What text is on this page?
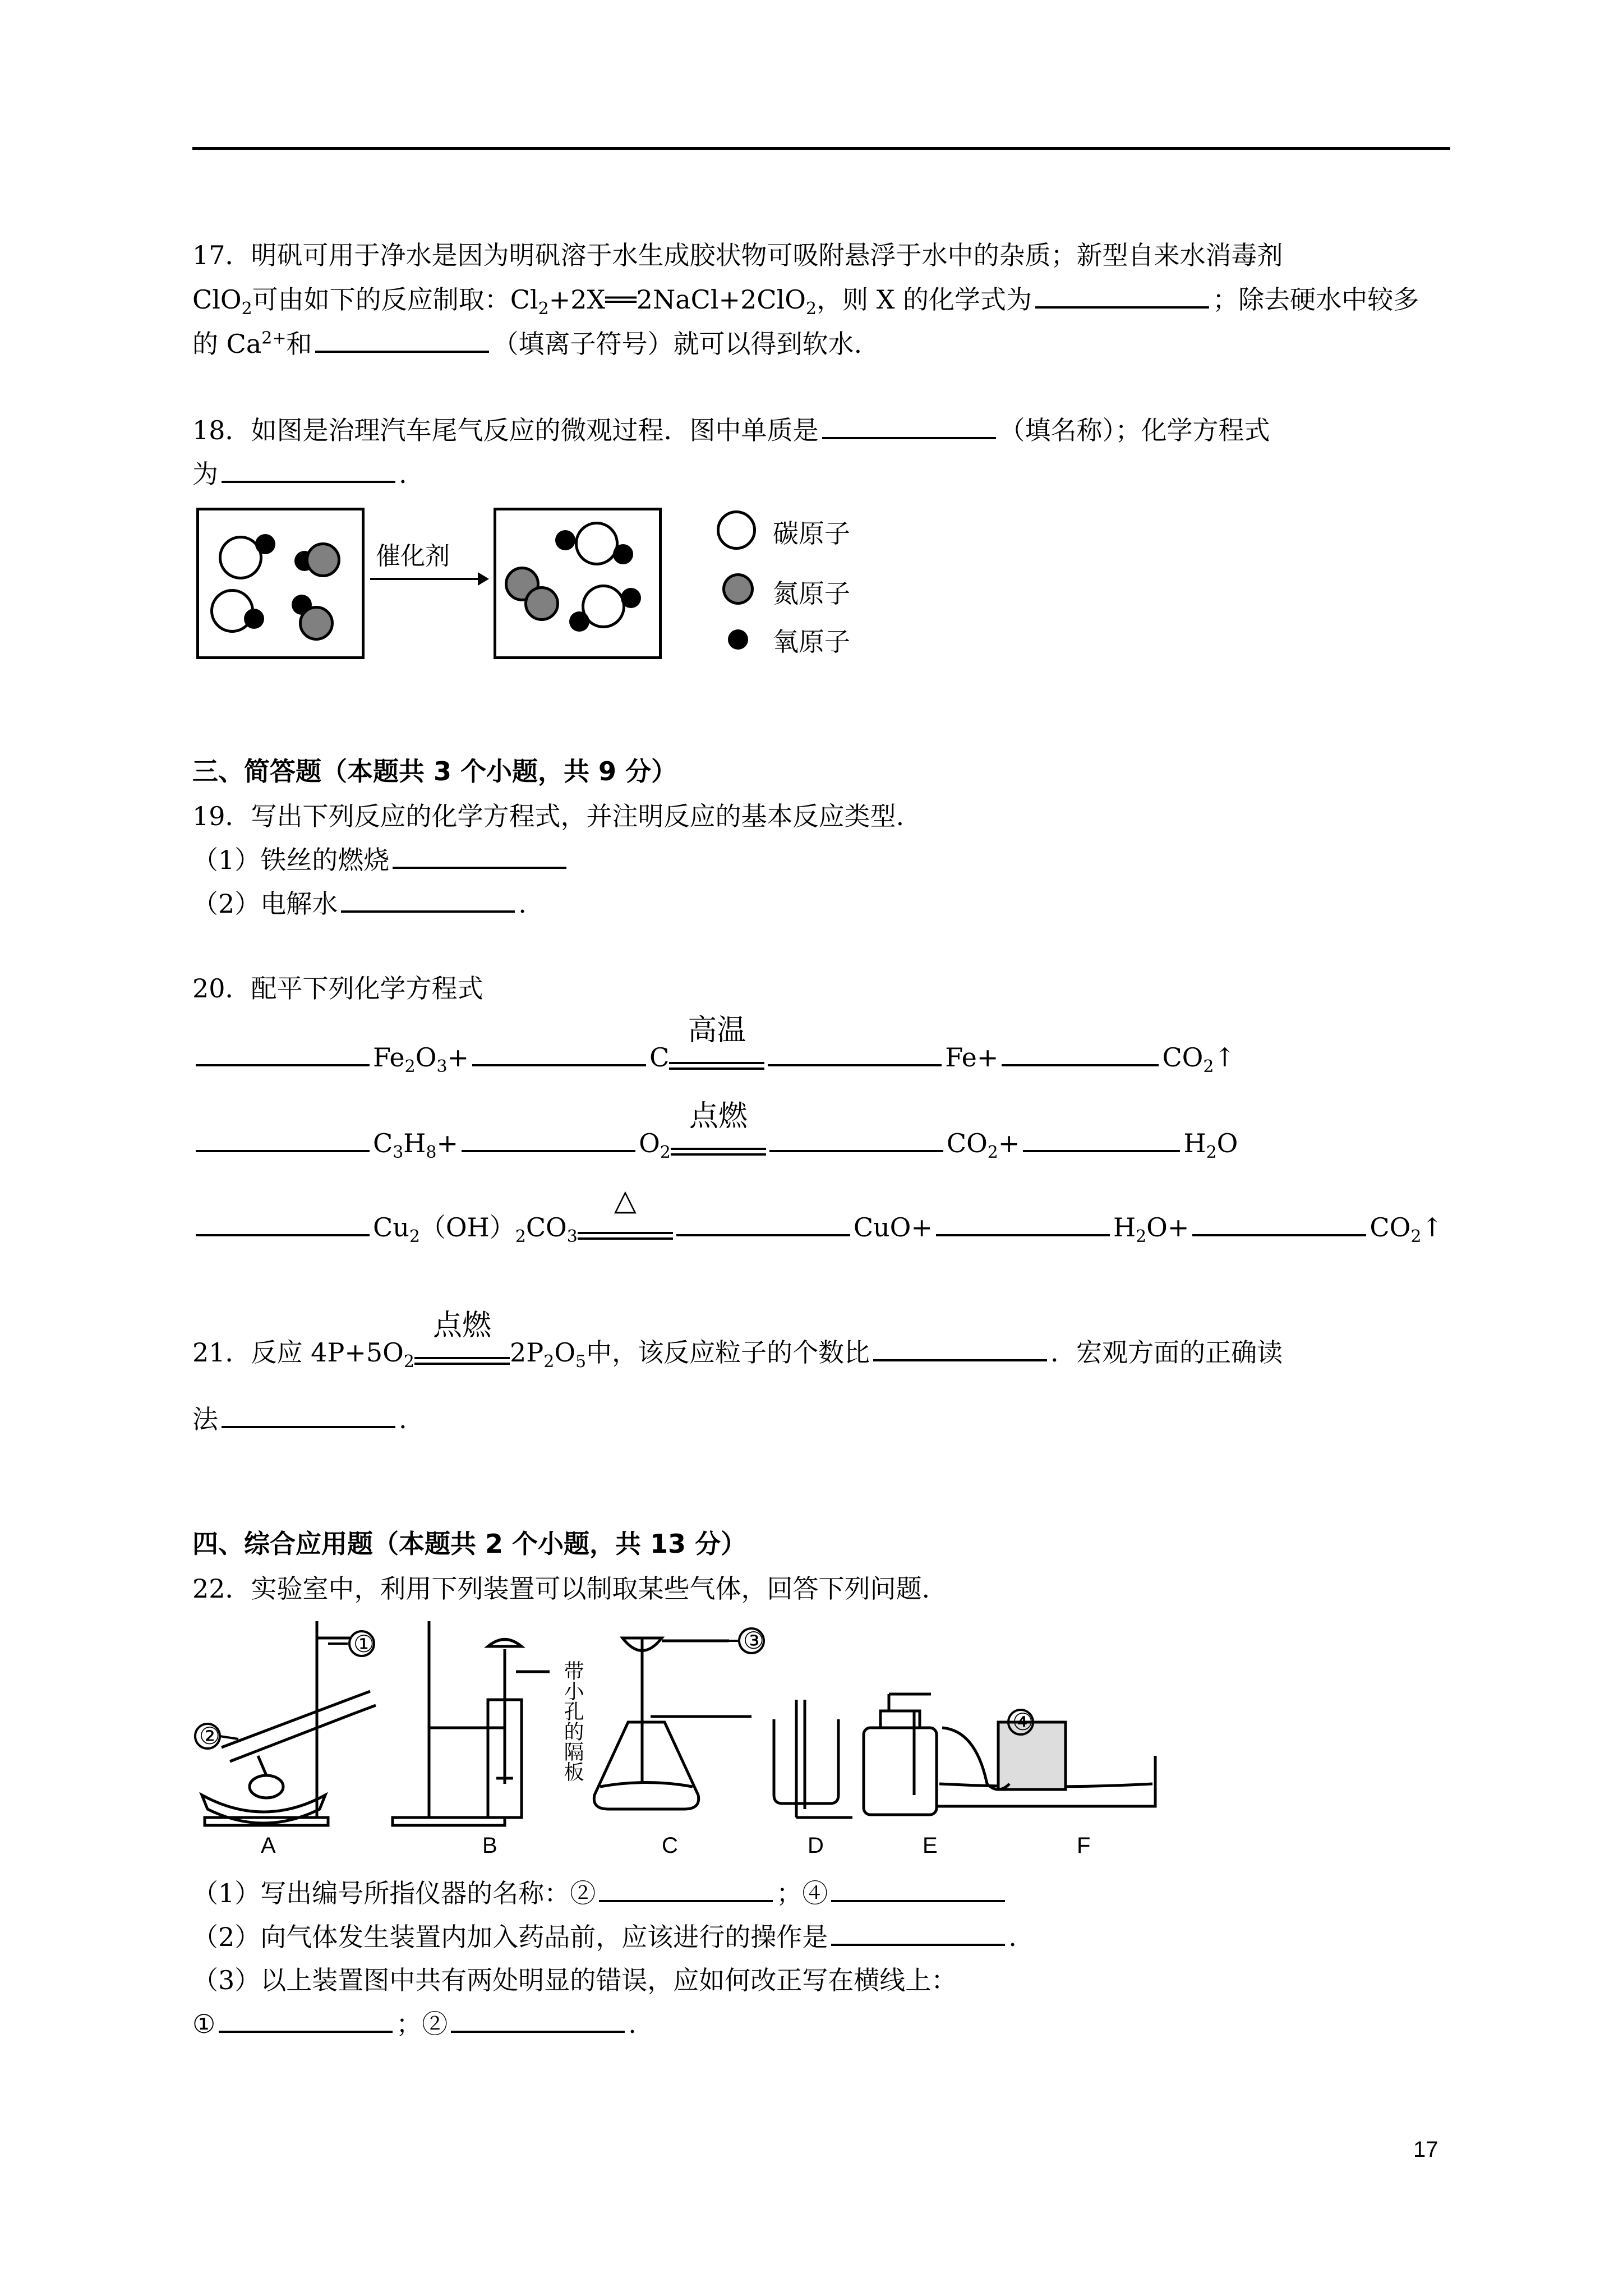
17．明矾可用于净水是因为明矾溶于水生成胶状物可吸附悬浮于水中的杂质；新型自来水消毒剂
ClO$_2$可由如下的反应制取：$Cl_2+2X══2NaCl+2ClO_2$，则 X 的化学式为	；除去硬水中较多
的 $Ca^{2+}$和	（填离子符号）就可以得到软水.
18．如图是治理汽车尾气反应的微观过程．图中单质是	（填名称）；化学方程式
为	.
催化剂
碳原子
氮原子
氧原子
三、简答题（本题共 3 个小题，共 9 分）
19．写出下列反应的化学方程式，并注明反应的基本反应类型.
（1）铁丝的燃烧
（2）电解水	.
20．配平下列化学方程式
$Fe_2O_3+$	C
高温
Fe+	$CO_2↑$
$C_3H_8+$	$O_2$
点燃
$CO_2+$	$H_2O$
$Cu_2(OH)_2CO_3$
△
CuO+	$H_2O+$	$CO_2↑$
21．反应 $4P+5O_2$
点燃
$2P_2O_5$中，该反应粒子的个数比	．宏观方面的正确读
法	.
四、综合应用题（本题共 2 个小题，共 13 分）
22．实验室中，利用下列装置可以制取某些气体，回答下列问题.
①
②
③
④
带小孔的隔板
A	B	C	D	E	F
（1）写出编号所指仪器的名称：②	；④
（2）向气体发生装置内加入药品前，应该进行的操作是	.
（3）以上装置图中共有两处明显的错误，应如何改正写在横线上：
①	；②	.
17
